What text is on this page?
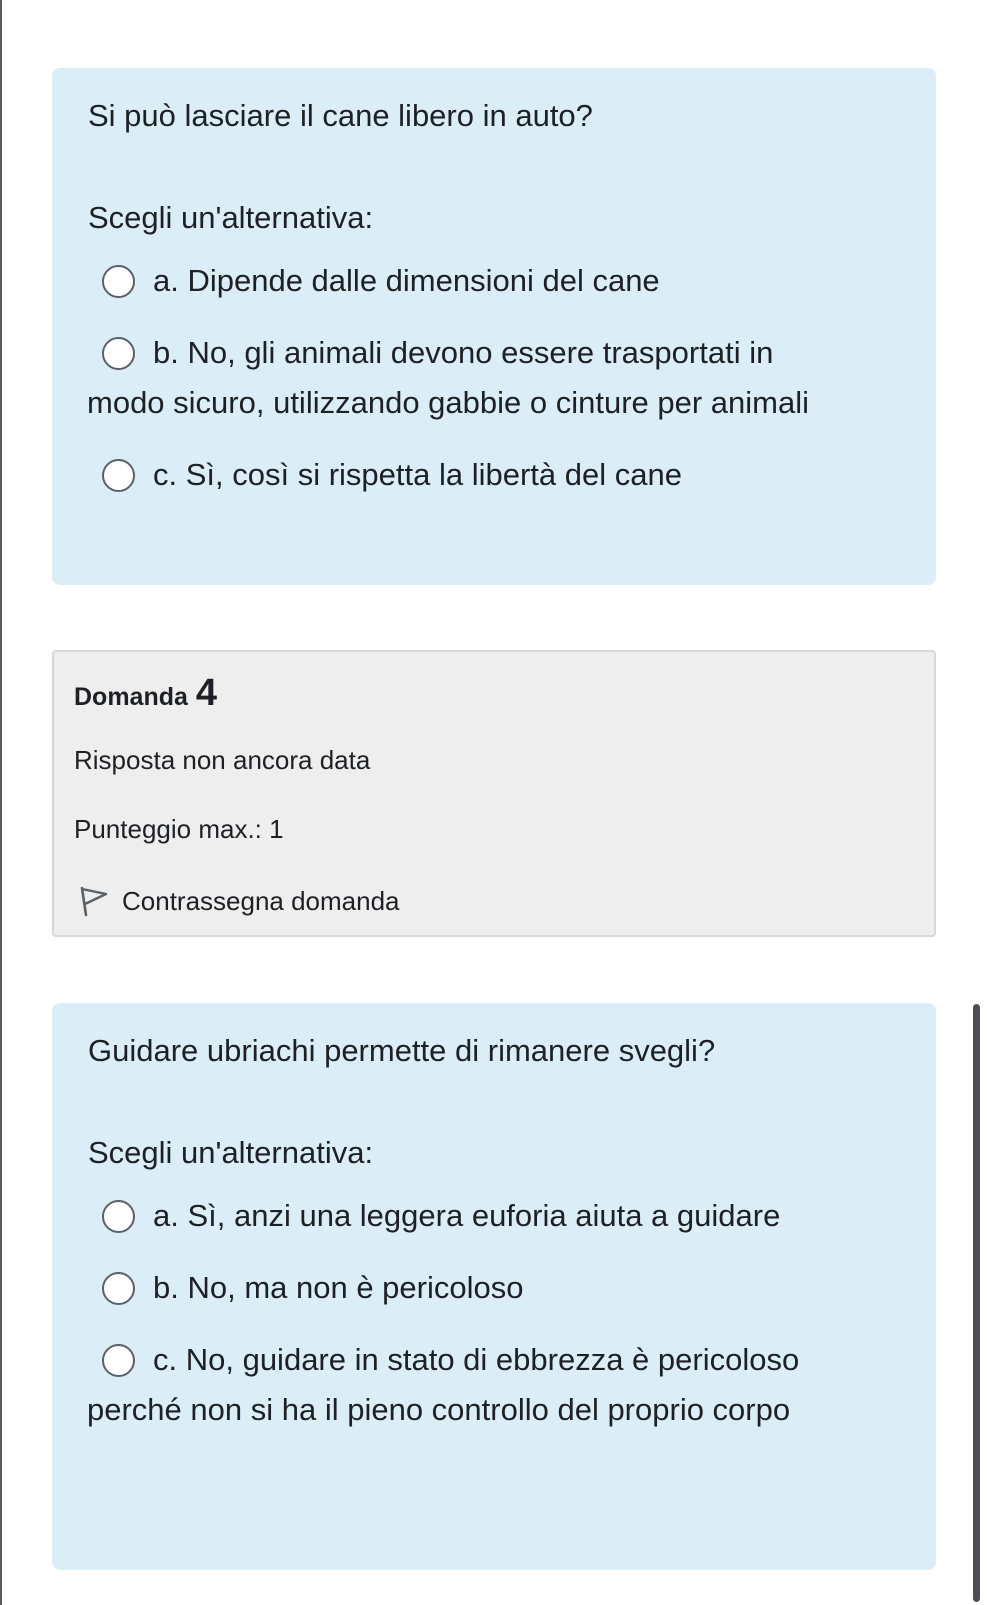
Si può lasciare il cane libero in auto?

Scegli un'alternativa:

a. Dipende dalle dimensioni del cane
b. No, gli animali devono essere trasportati in modo sicuro, utilizzando gabbie o cinture per animali
c. Sì, così si rispetta la libertà del cane
Domanda 4
Risposta non ancora data
Punteggio max.: 1
Contrassegna domanda

Guidare ubriachi permette di rimanere svegli?

Scegli un'alternativa:

a. Sì, anzi una leggera euforia aiuta a guidare
b. No, ma non è pericoloso
c. No, guidare in stato di ebbrezza è pericoloso perché non si ha il pieno controllo del proprio corpo
